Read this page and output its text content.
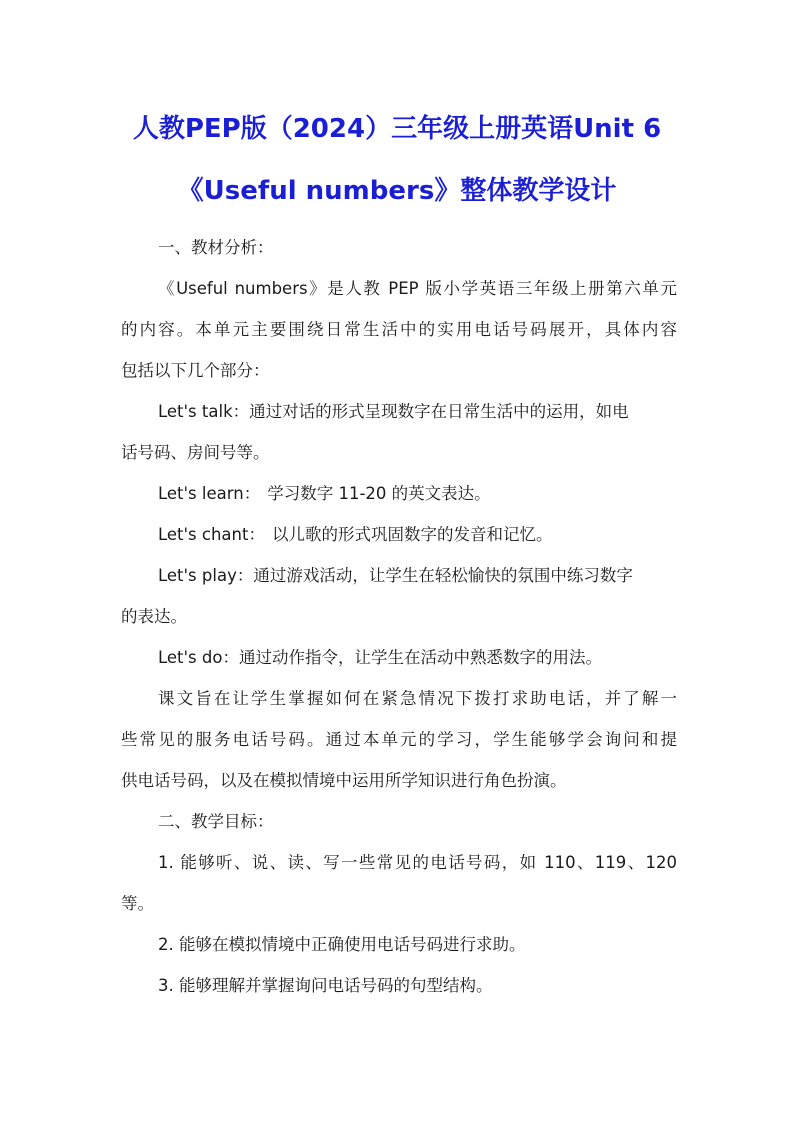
人教PEP版（2024）三年级上册英语Unit 6
《Useful numbers》整体教学设计

一、教材分析：

《Useful numbers》是人教 PEP 版小学英语三年级上册第六单元

的内容。本单元主要围绕日常生活中的实用电话号码展开，具体内容

包括以下几个部分：

Let's talk：通过对话的形式呈现数字在日常生活中的运用，如电

话号码、房间号等。

Let's learn： 学习数字 11-20 的英文表达。

Let's chant： 以儿歌的形式巩固数字的发音和记忆。

Let's play：通过游戏活动，让学生在轻松愉快的氛围中练习数字

的表达。

Let's do：通过动作指令，让学生在活动中熟悉数字的用法。

课文旨在让学生掌握如何在紧急情况下拨打求助电话，并了解一

些常见的服务电话号码。通过本单元的学习，学生能够学会询问和提

供电话号码，以及在模拟情境中运用所学知识进行角色扮演。

二、教学目标：

1. 能够听、说、读、写一些常见的电话号码，如 110、119、120

等。

2. 能够在模拟情境中正确使用电话号码进行求助。

3. 能够理解并掌握询问电话号码的句型结构。
